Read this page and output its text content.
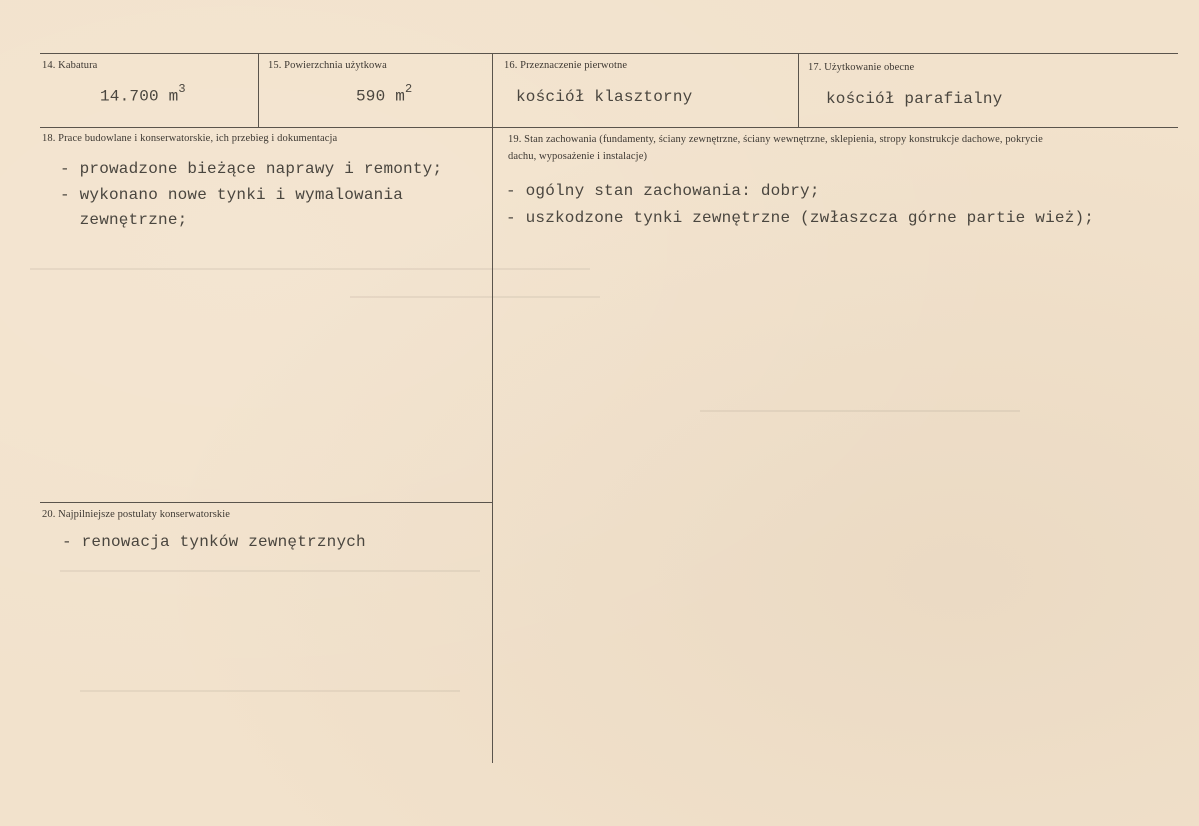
14. Kabatura
14.700 $m^3$
15. Powierzchnia użytkowa
590 $m^2$
16. Przeznaczenie pierwotne
kościół klasztorny
17. Użytkowanie obecne
kościół parafialny
18. Prace budowlane i konserwatorskie, ich przebieg i dokumentacja
- prowadzone bieżące naprawy i remonty;
- wykonano nowe tynki i wymalowania
zewnętrzne;
19. Stan zachowania (fundamenty, ściany zewnętrzne, ściany wewnętrzne, sklepienia, stropy konstrukcje dachowe, pokrycie dachu, wyposażenie i instalacje)
- ogólny stan zachowania: dobry;
- uszkodzone tynki zewnętrzne (zwłaszcza górne partie wież);
20. Najpilniejsze postulaty konserwatorskie
- renowacja tynków zewnętrznych
